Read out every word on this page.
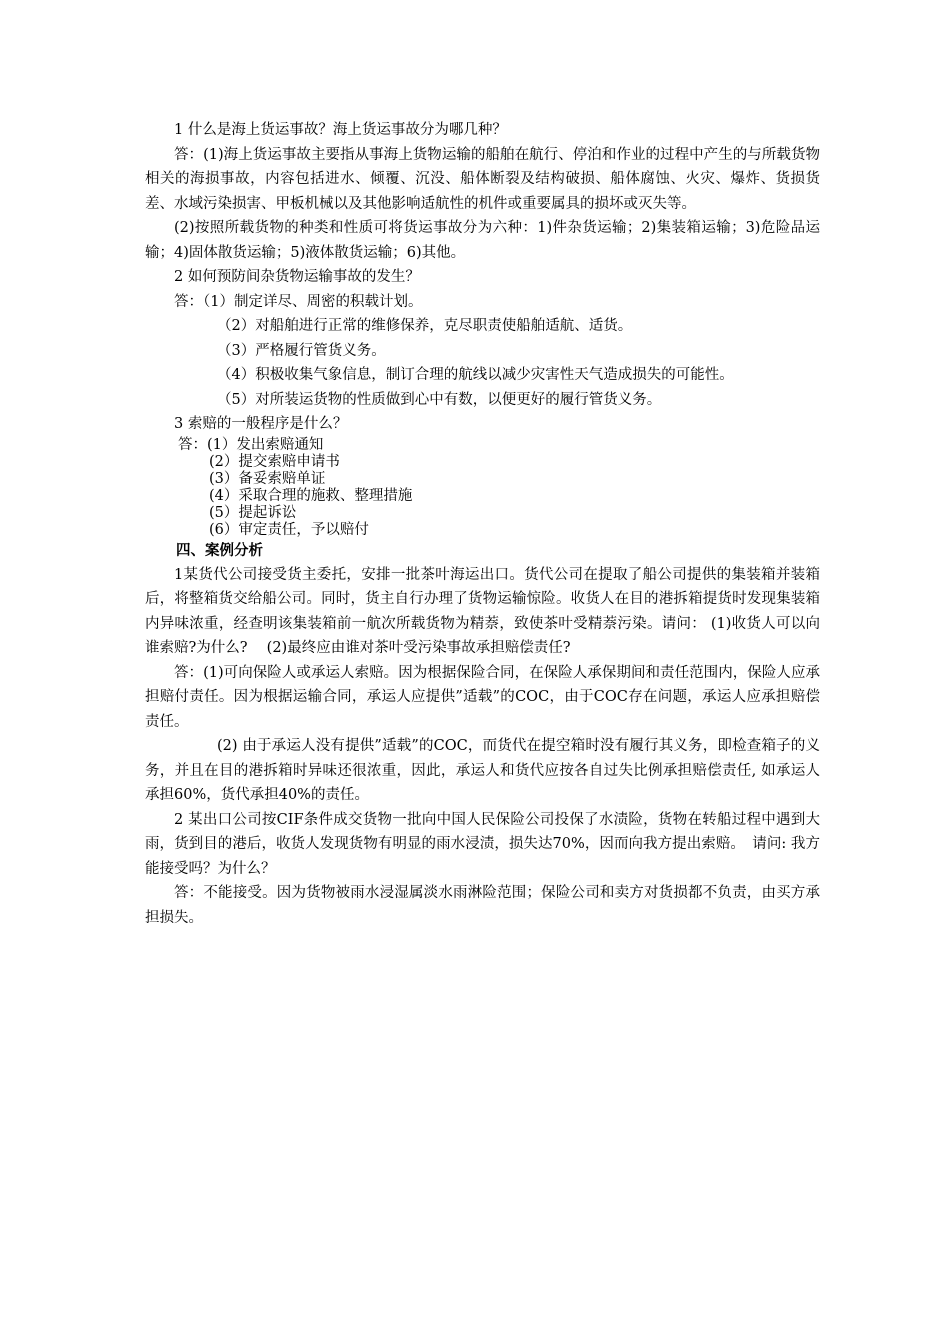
1 什么是海上货运事故？海上货运事故分为哪几种？

答：(1)海上货运事故主要指从事海上货物运输的船舶在航行、停泊和作业的过程中产生的与所载货物相关的海损事故，内容包括进水、倾覆、沉没、船体断裂及结构破损、船体腐蚀、火灾、爆炸、货损货差、水域污染损害、甲板机械以及其他影响适航性的机件或重要属具的损坏或灭失等。

(2)按照所载货物的种类和性质可将货运事故分为六种：1)件杂货运输；2)集装箱运输；3)危险品运输；4)固体散货运输；5)液体散货运输；6)其他。

2 如何预防间杂货物运输事故的发生？

答：（1）制定详尽、周密的积载计划。

（2）对船舶进行正常的维修保养，克尽职责使船舶适航、适货。

（3）严格履行管货义务。

（4）积极收集气象信息，制订合理的航线以减少灾害性天气造成损失的可能性。

（5）对所装运货物的性质做到心中有数，以便更好的履行管货义务。

3 索赔的一般程序是什么？

答：(1）发出索赔通知

(2）提交索赔申请书

(3）备妥索赔单证

(4）采取合理的施救、整理措施

(5）提起诉讼

(6）审定责任，予以赔付

四、案例分析

1某货代公司接受货主委托，安排一批茶叶海运出口。货代公司在提取了船公司提供的集装箱并装箱后，将整箱货交给船公司。同时，货主自行办理了货物运输惊险。收货人在目的港拆箱提货时发现集装箱内异味浓重，经查明该集装箱前一航次所载货物为精萘，致使茶叶受精萘污染。请问： (1)收货人可以向谁索赔?为什么?　 (2)最终应由谁对茶叶受污染事故承担赔偿责任?

答：(1)可向保险人或承运人索赔。因为根据保险合同，在保险人承保期间和责任范围内，保险人应承担赔付责任。因为根据运输合同，承运人应提供”适载”的COC，由于COC存在问题，承运人应承担赔偿责任。

(2) 由于承运人没有提供”适载”的COC，而货代在提空箱时没有履行其义务，即检查箱子的义务，并且在目的港拆箱时异味还很浓重，因此，承运人和货代应按各自过失比例承担赔偿责任, 如承运人承担60%，货代承担40%的责任。

2 某出口公司按CIF条件成交货物一批向中国人民保险公司投保了水渍险，货物在转船过程中遇到大雨，货到目的港后，收货人发现货物有明显的雨水浸渍，损失达70%，因而向我方提出索赔。　请问: 我方能接受吗？为什么？

答：不能接受。因为货物被雨水浸湿属淡水雨淋险范围；保险公司和卖方对货损都不负责，由买方承担损失。
